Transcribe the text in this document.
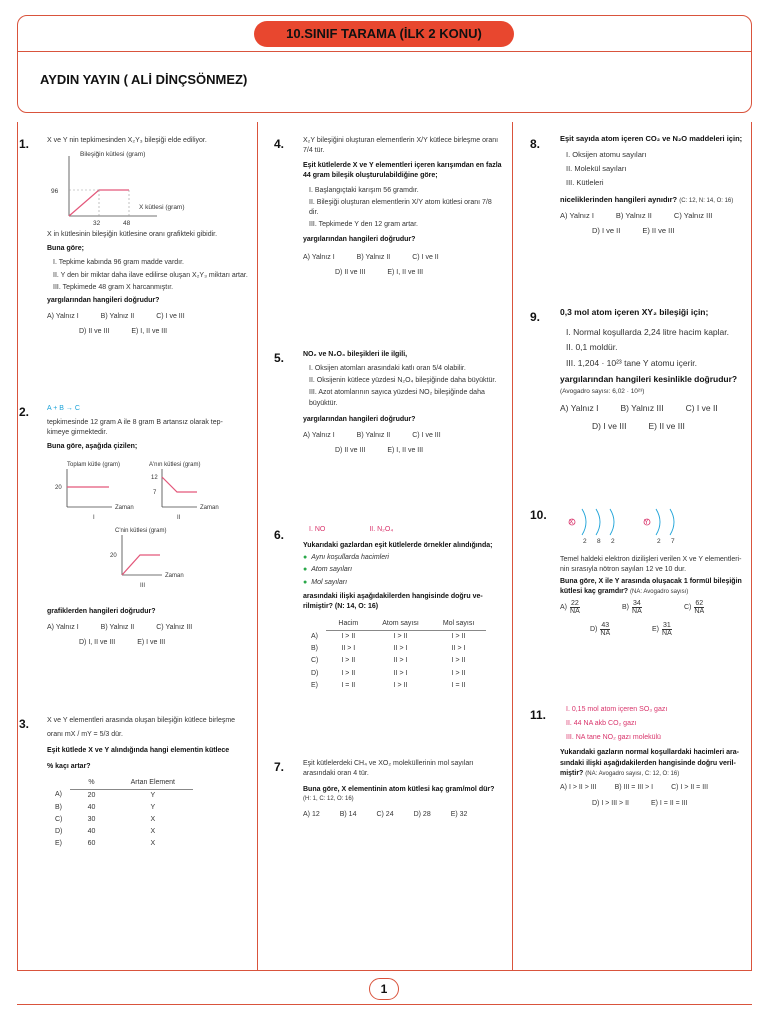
10.SINIF TARAMA (İLK 2 KONU)
AYDIN YAYIN ( ALİ DİNÇSÖNMEZ)
1
1.	X ve Y nin tepkimesinden X₂Y₃ bileşiği elde ediliyor.
Bileşiğin kütlesi (gram)
96
32	48
X kütlesi (gram)
X in kütlesinin bileşiğin kütlesine oranı grafikteki gibidir.
Buna göre;
I. Tepkime kabında 96 gram madde vardır.
II. Y den bir miktar daha ilave edilirse oluşan X₂Y₃ miktarı artar.
III. Tepkimede 48 gram X harcanmıştır.
yargılarından hangileri doğrudur?
A) Yalnız I	B) Yalnız II	C) I ve III
D) II ve III	E) I, II ve III
2.	A + B → C
tepkimesinde 12 gram A ile 8 gram B artansız olarak tep- kimeye girmektedir.
Buna göre, aşağıda çizilen;
Toplam kütle (gram)
20
Zaman
I
A'nın kütlesi (gram)
12
7
Zaman
II
C'nin kütlesi (gram)
20
Zaman
III
grafiklerden hangileri doğrudur?
A) Yalnız I	B) Yalnız II	C) Yalnız III
D) I, II ve III	E) I ve III
3.	X ve Y elementleri arasında oluşan bileşiğin kütlece birleşme
oranı mX / mY = 5/3 dür.
Eşit kütlede X ve Y alındığında hangi elementin kütlece
% kaçı artar?
	%	Artan Element
A)	20	Y
B)	40	Y
C)	30	X
D)	40	X
E)	60	X
4.	X₂Y bileşiğini oluşturan elementlerin X/Y kütlece birleşme oranı 7/4 tür.
Eşit kütlelerde X ve Y elementleri içeren karışımdan en fazla 44 gram bileşik oluşturulabildiğine göre;
I. Başlangıçtaki karışım 56 gramdır.
II. Bileşiği oluşturan elementlerin X/Y atom kütlesi oranı 7/8 dir.
III. Tepkimede Y den 12 gram artar.
yargılarından hangileri doğrudur?
A) Yalnız I	B) Yalnız II	C) I ve II
D) II ve III	E) I, II ve III
5.	NO₂ ve N₂O₄ bileşikleri ile ilgili,
I. Oksijen atomları arasındaki katlı oran 5/4 olabilir.
II. Oksijenin kütlece yüzdesi N₂O₄ bileşiğinde daha büyüktür.
III. Azot atomlarının sayıca yüzdesi NO₂ bileşiğinde daha büyüktür.
yargılarından hangileri doğrudur?
A) Yalnız I	B) Yalnız II	C) I ve III
D) II ve III	E) I, II ve III
6.	I. NO	II. N₂O₄
Yukarıdaki gazlardan eşit kütlelerde örnekler alındığında;
● Aynı koşullarda hacimleri
● Atom sayıları
● Mol sayıları
arasındaki ilişki aşağıdakilerden hangisinde doğru ve- rilmiştir? (N: 14, O: 16)
	Hacim	Atom sayısı	Mol sayısı
A)	I > II	I > II	I > II
B)	II > I	II > I	II > I
C)	I > II	II > I	I > II
D)	I > II	II > I	I > II
E)	I = II	I > II	I = II
7.	Eşit kütlelerdeki CH₄ ve XO₂ moleküllerinin mol sayıları arasındaki oran 4 tür.
Buna göre, X elementinin atom kütlesi kaç gram/mol dür?
(H: 1, C: 12, O: 16)
A) 12	B) 14	C) 24	D) 28	E) 32
8.	Eşit sayıda atom içeren CO₂ ve N₂O maddeleri için;
I. Oksijen atomu sayıları
II. Molekül sayıları
III. Kütleleri
niceliklerinden hangileri aynıdır? (C: 12, N: 14, O: 16)
A) Yalnız I	B) Yalnız II	C) Yalnız III
D) I ve II	E) II ve III
9. 0,3 mol atom içeren XY₂ bileşiği için;
I. Normal koşullarda 2,24 litre hacim kaplar.
II. 0,1 moldür.
III. 1,204 · 10²³ tane Y atomu içerir.
yargılarından hangileri kesinlikle doğrudur?
(Avogadro sayısı: 6,02 · 10²³)
A) Yalnız I	B) Yalnız III	C) I ve II
D) I ve III	E) II ve III
10.
X
2 8 2
Y
2 7
Temel haldeki elektron dizilişleri verilen X ve Y elementleri- nin sırasıyla nötron sayıları 12 ve 10 dur.
Buna göre, X ile Y arasında oluşacak 1 formül bileşiğin kütlesi kaç gramdır? (NA: Avogadro sayısı)
$A) \frac{22}{NA}$	$B) \frac{34}{NA}$	$C) \frac{62}{NA}$
$D) \frac{43}{NA}$	$E) \frac{31}{NA}$
11.	I. 0,15 mol atom içeren SO₃ gazı
II. 44 NA akb CO₂ gazı
III. NA tane NO₂ gazı molekülü
Yukarıdaki gazların normal koşullardaki hacimleri ara- sındaki ilişki aşağıdakilerden hangisinde doğru veril- miştir? (NA: Avogadro sayısı, C: 12, O: 16)
A) I > II > III	B) III = III > I	C) I > II = III
D) I > III > II	E) I = II = III
